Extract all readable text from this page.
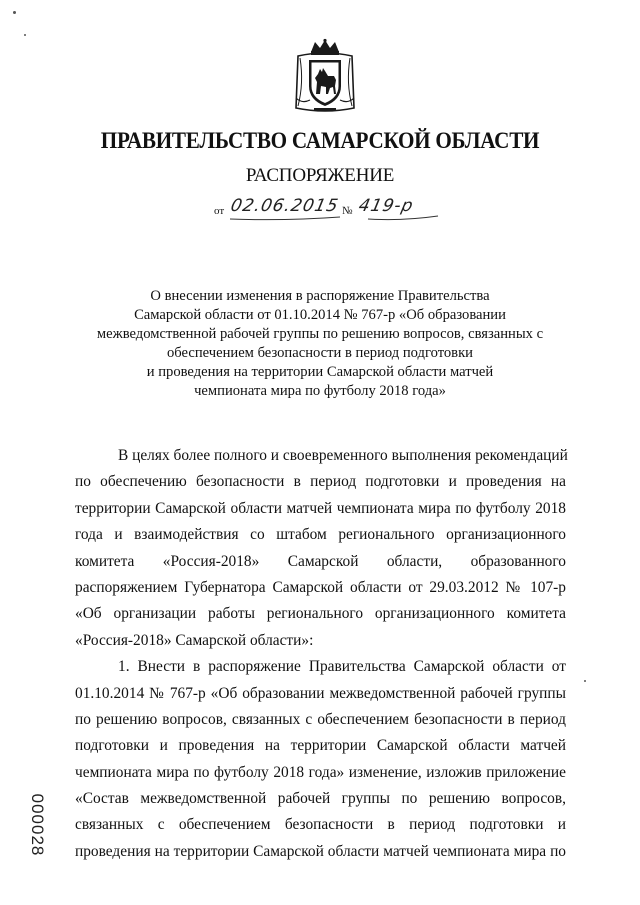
ПРАВИТЕЛЬСТВО САМАРСКОЙ ОБЛАСТИ
РАСПОРЯЖЕНИЕ
от 02.06.2015 № 419-р
О внесении изменения в распоряжение Правительства
Самарской области от 01.10.2014 № 767-р «Об образовании
межведомственной рабочей группы по решению вопросов, связанных с
обеспечением безопасности в период подготовки
и проведения на территории Самарской области матчей
чемпионата мира по футболу 2018 года»
В целях более полного и своевременного выполнения рекомендаций
по обеспечению безопасности в период подготовки и проведения на
территории Самарской области матчей чемпионата мира по футболу 2018
года и взаимодействия со штабом регионального организационного
комитета «Россия-2018» Самарской области, образованного
распоряжением Губернатора Самарской области от 29.03.2012 № 107-р
«Об организации работы регионального организационного комитета
«Россия-2018» Самарской области»:
1. Внести в распоряжение Правительства Самарской области от
01.10.2014 № 767-р «Об образовании межведомственной рабочей группы
по решению вопросов, связанных с обеспечением безопасности в период
подготовки и проведения на территории Самарской области матчей
чемпионата мира по футболу 2018 года» изменение, изложив приложение
«Состав межведомственной рабочей группы по решению вопросов,
связанных с обеспечением безопасности в период подготовки и
проведения на территории Самарской области матчей чемпионата мира по
000028
